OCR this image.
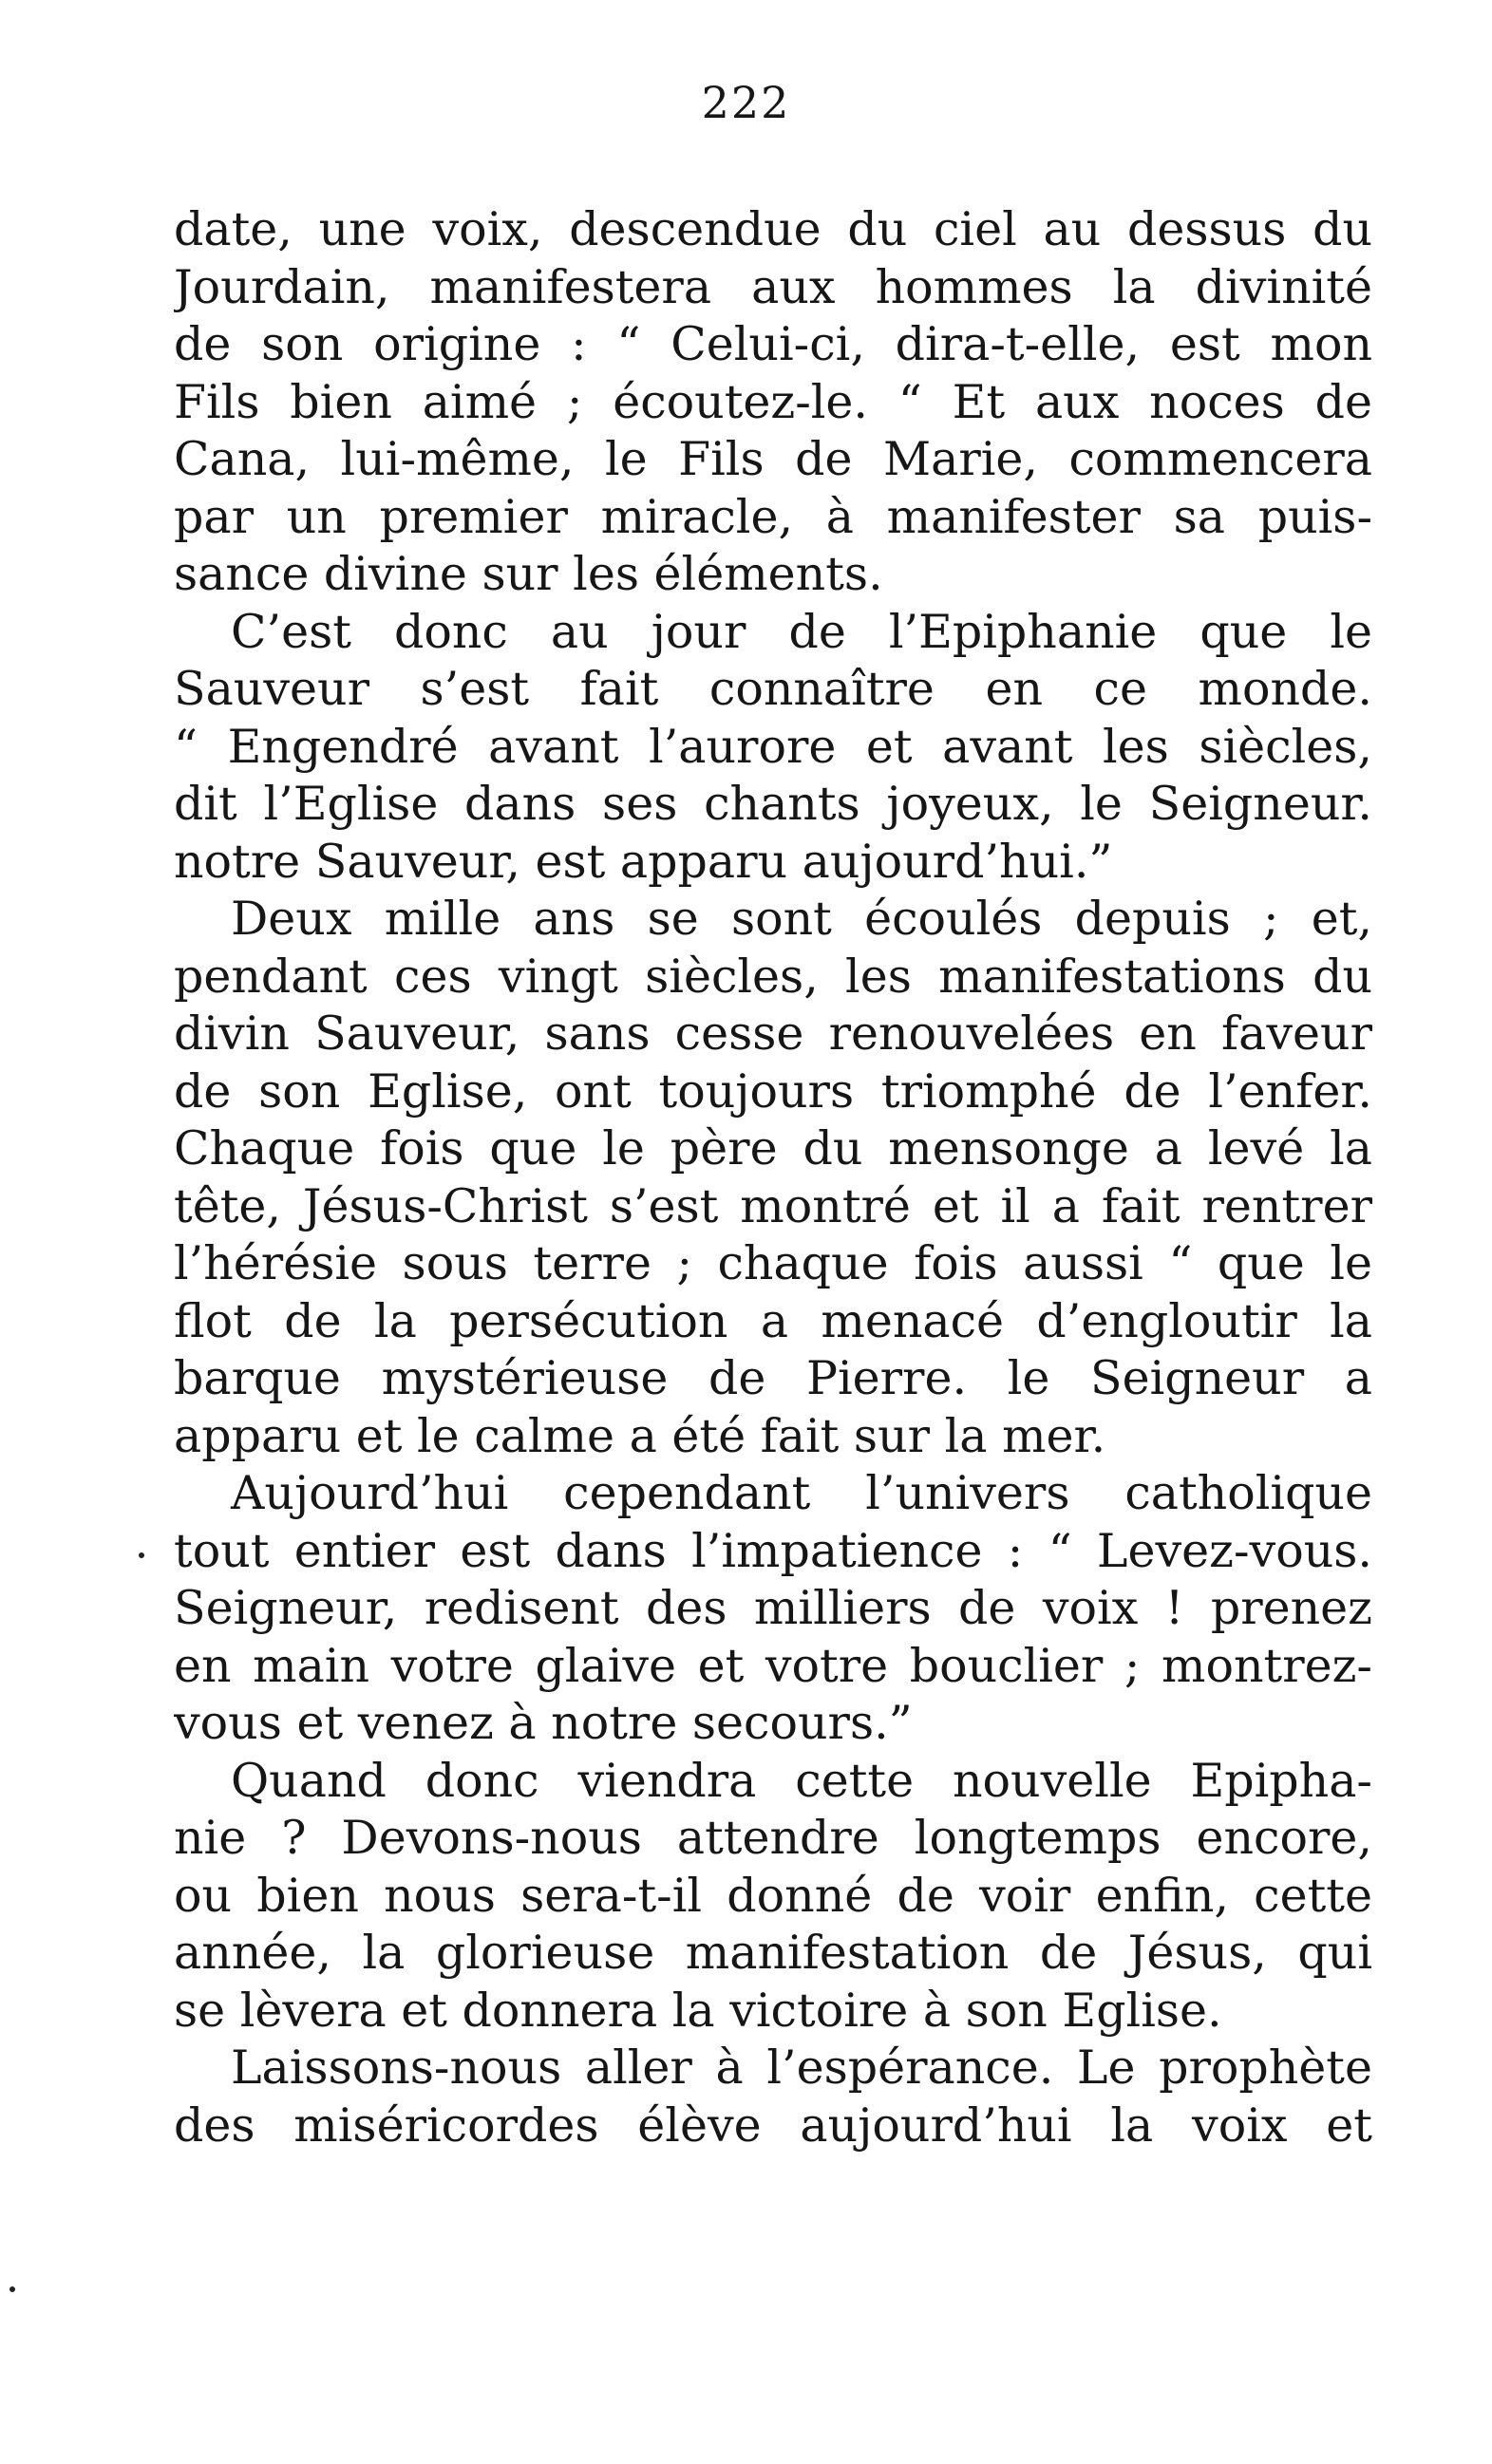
222
date, une voix, descendue du ciel au dessus du
Jourdain, manifestera aux hommes la divinité
de son origine : “ Celui-ci, dira-t-elle, est mon
Fils bien aimé ; écoutez-le. “ Et aux noces de
Cana, lui-même, le Fils de Marie, commencera
par un premier miracle, à manifester sa puis-
sance divine sur les éléments.
C’est donc au jour de l’Epiphanie que le
Sauveur s’est fait connaître en ce monde.
“ Engendré avant l’aurore et avant les siècles,
dit l’Eglise dans ses chants joyeux, le Seigneur.
notre Sauveur, est apparu aujourd’hui.”
Deux mille ans se sont écoulés depuis ; et,
pendant ces vingt siècles, les manifestations du
divin Sauveur, sans cesse renouvelées en faveur
de son Eglise, ont toujours triomphé de l’enfer.
Chaque fois que le père du mensonge a levé la
tête, Jésus-Christ s’est montré et il a fait rentrer
l’hérésie sous terre ; chaque fois aussi “ que le
flot de la persécution a menacé d’engloutir la
barque mystérieuse de Pierre. le Seigneur a
apparu et le calme a été fait sur la mer.
Aujourd’hui cependant l’univers catholique
tout entier est dans l’impatience : “ Levez-vous.
Seigneur, redisent des milliers de voix ! prenez
en main votre glaive et votre bouclier ; montrez-
vous et venez à notre secours.”
Quand donc viendra cette nouvelle Epipha-
nie ? Devons-nous attendre longtemps encore,
ou bien nous sera-t-il donné de voir enfin, cette
année, la glorieuse manifestation de Jésus, qui
se lèvera et donnera la victoire à son Eglise.
Laissons-nous aller à l’espérance. Le prophète
des miséricordes élève aujourd’hui la voix et
